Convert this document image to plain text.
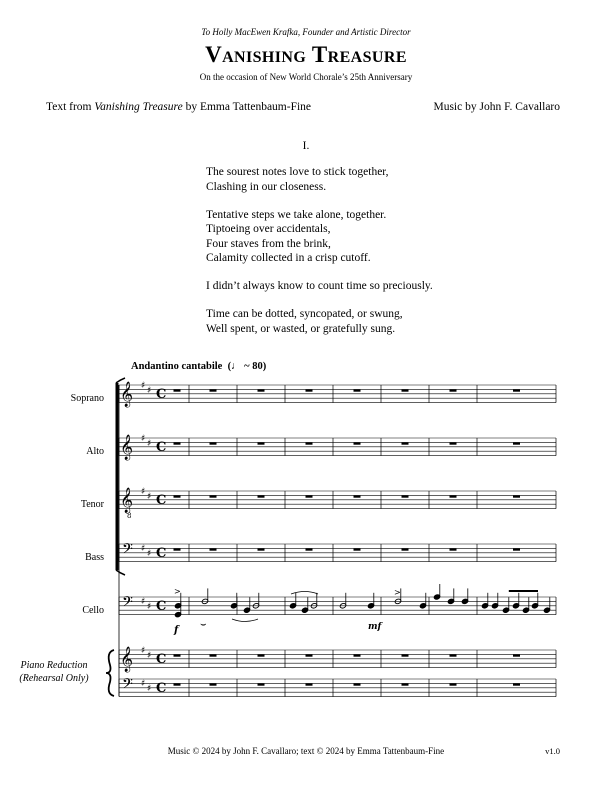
To Holly MacEwen Krafka, Founder and Artistic Director
Vanishing Treasure
On the occasion of New World Chorale’s 25th Anniversary
Text from Vanishing Treasure by Emma Tattenbaum-Fine	Music by John F. Cavallaro
I.
The sourest notes love to stick together,
Clashing in our closeness.
Tentative steps we take alone, together.
Tiptoeing over accidentals,
Four staves from the brink,
Calamity collected in a crisp cutoff.
I didn’t always know to count time so preciously.
Time can be dotted, syncopated, or swung,
Well spent, or wasted, or gratefully sung.
Andantino cantabile (♩ ~ 80)
Soprano
Alto
Tenor
Bass
Cello
Piano Reduction
(Rehearsal Only)
𝄞 ♯ ♯ C
𝄞 ♯ ♯ C
𝄞
8
♯ ♯ C
𝄢 ♯ ♯ C
𝄢 ♯ ♯ C
𝄞 ♯ ♯ C
𝄢 ♯ ♯ C
>
⌣
>
f	mf
Music © 2024 by John F. Cavallaro; text © 2024 by Emma Tattenbaum-Fine	v1.0
